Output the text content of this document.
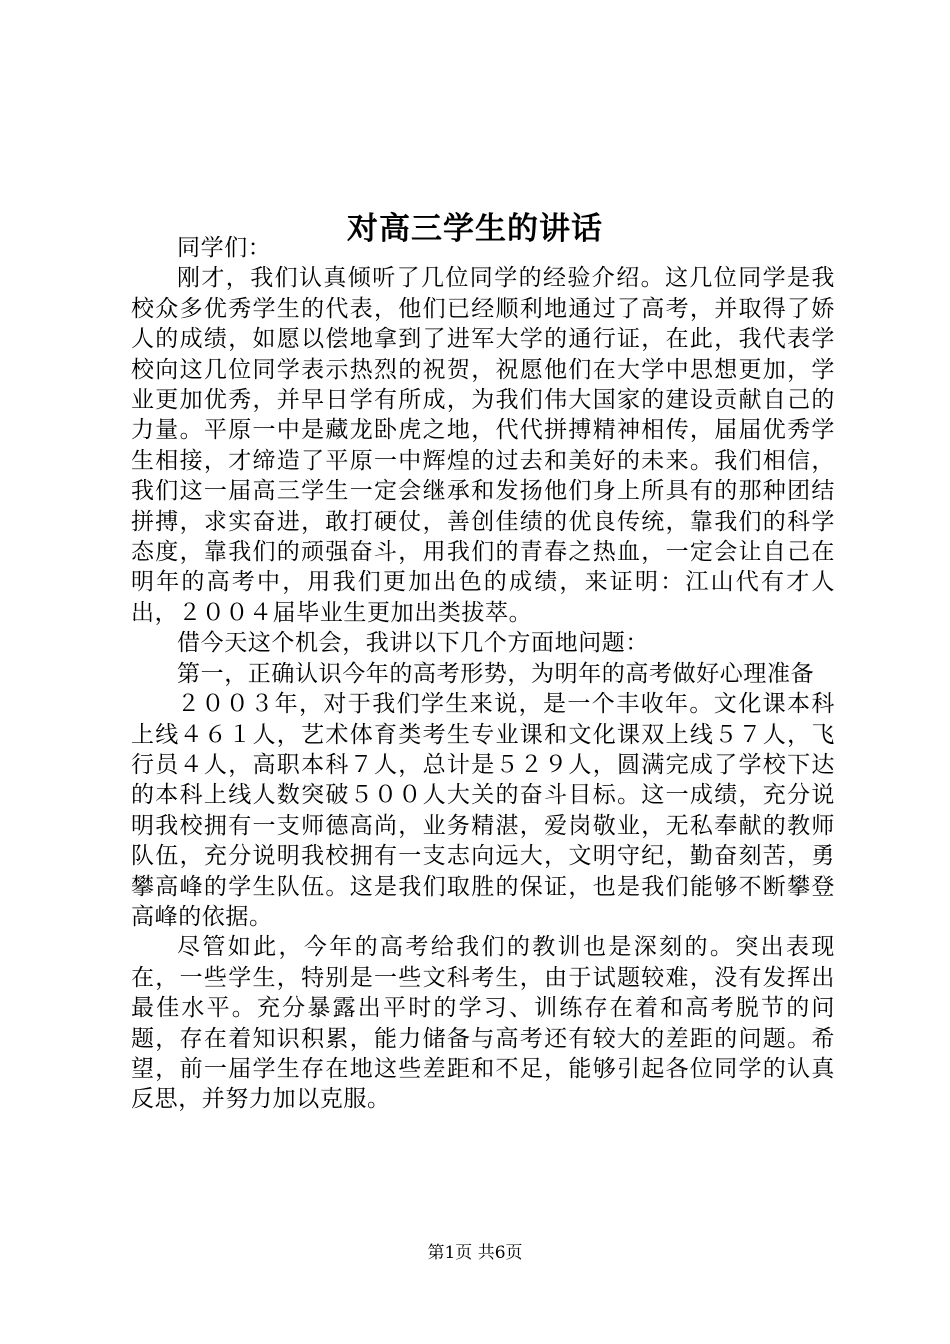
对高三学生的讲话

同学们：

刚才，我们认真倾听了几位同学的经验介绍。这几位同学是我校众多优秀学生的代表，他们已经顺利地通过了高考，并取得了娇人的成绩，如愿以偿地拿到了进军大学的通行证，在此，我代表学校向这几位同学表示热烈的祝贺，祝愿他们在大学中思想更加，学业更加优秀，并早日学有所成，为我们伟大国家的建设贡献自己的力量。平原一中是藏龙卧虎之地，代代拼搏精神相传，届届优秀学生相接，才缔造了平原一中辉煌的过去和美好的未来。我们相信，我们这一届高三学生一定会继承和发扬他们身上所具有的那种团结拼搏，求实奋进，敢打硬仗，善创佳绩的优良传统，靠我们的科学态度，靠我们的顽强奋斗，用我们的青春之热血，一定会让自己在明年的高考中，用我们更加出色的成绩，来证明：江山代有才人出，２００４届毕业生更加出类拔萃。

借今天这个机会，我讲以下几个方面地问题：

第一，正确认识今年的高考形势，为明年的高考做好心理准备

２００３年，对于我们学生来说，是一个丰收年。文化课本科上线４６１人，艺术体育类考生专业课和文化课双上线５７人，飞行员４人，高职本科７人，总计是５２９人，圆满完成了学校下达的本科上线人数突破５００人大关的奋斗目标。这一成绩，充分说明我校拥有一支师德高尚，业务精湛，爱岗敬业，无私奉献的教师队伍，充分说明我校拥有一支志向远大，文明守纪，勤奋刻苦，勇攀高峰的学生队伍。这是我们取胜的保证，也是我们能够不断攀登高峰的依据。

尽管如此，今年的高考给我们的教训也是深刻的。突出表现在，一些学生，特别是一些文科考生，由于试题较难，没有发挥出最佳水平。充分暴露出平时的学习、训练存在着和高考脱节的问题，存在着知识积累，能力储备与高考还有较大的差距的问题。希望，前一届学生存在地这些差距和不足，能够引起各位同学的认真反思，并努力加以克服。

第1页 共6页
